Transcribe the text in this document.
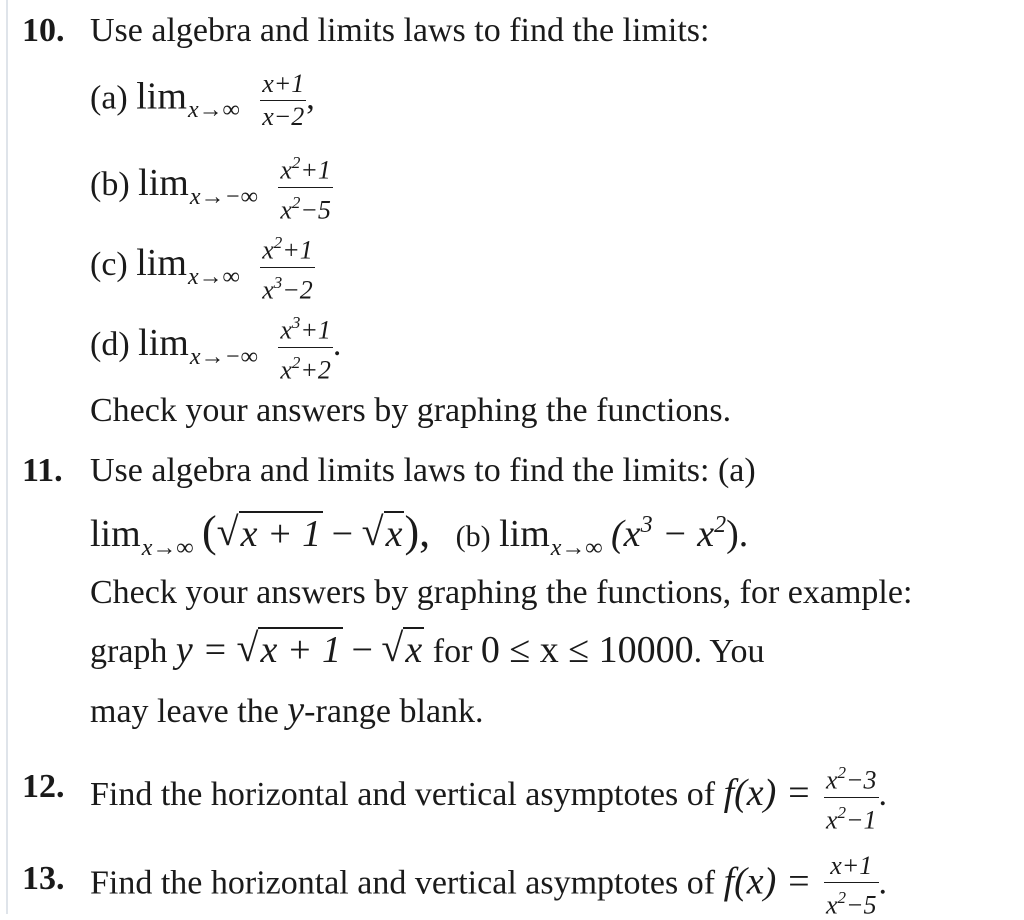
10. Use algebra and limits laws to find the limits:
(a) $\lim_{x\to\infty} \frac{x+1}{x-2}$ ,
(b) $\lim_{x\to-\infty} \frac{x^2+1}{x^2-5}$
(c) $\lim_{x\to\infty} \frac{x^2+1}{x^3-2}$
(d) $\lim_{x\to-\infty} \frac{x^3+1}{x^2+2}$ .
Check your answers by graphing the functions.
11. Use algebra and limits laws to find the limits: (a)
$\lim_{x\to\infty}$ ( √ x + 1 − √ x), (b) $\lim_{x\to\infty} (x^3 - x^2)$.
Check your answers by graphing the functions, for example:
graph y = √ x + 1 − √ x for 0 ≤ x ≤ 10000. You
may leave the y-range blank.
12. Find the horizontal and vertical asymptotes of $f(x) = \frac{x^2-3}{x^2-1}$ .
13. Find the horizontal and vertical asymptotes of $f(x) = \frac{x+1}{x^2-5}$ .
